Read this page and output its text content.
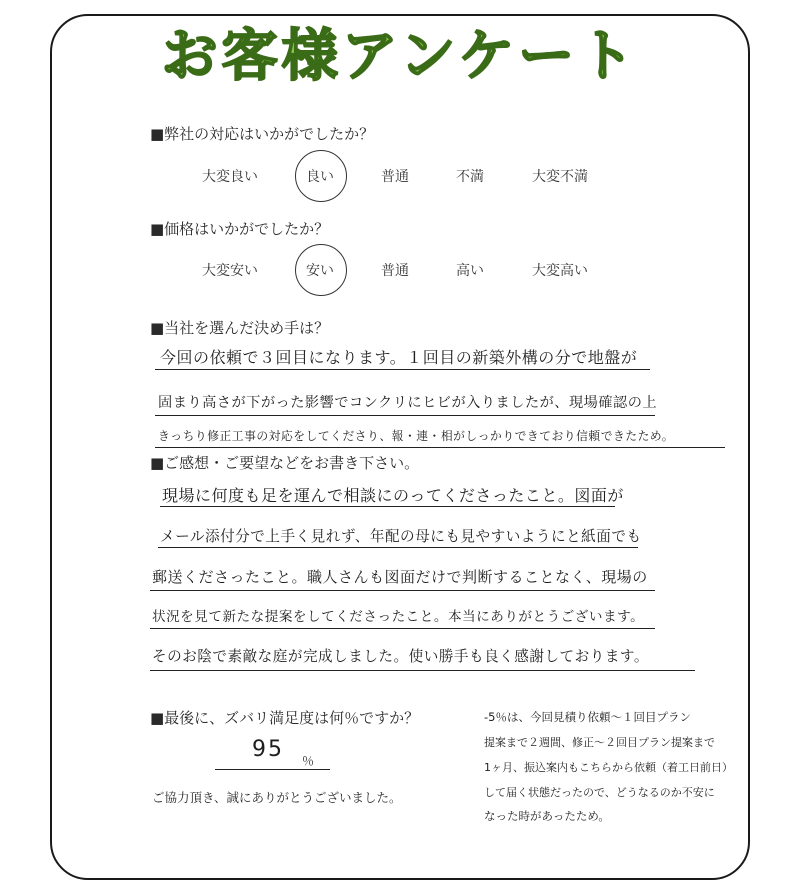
お客様アンケート
■弊社の対応はいかがでしたか？
大変良い	良い	普通	不満	大変不満
■価格はいかがでしたか？
大変安い	安い	普通	高い	大変高い
■当社を選んだ決め手は？
今回の依頼で３回目になります。１回目の新築外構の分で地盤が
固まり高さが下がった影響でコンクリにヒビが入りましたが、現場確認の上
きっちり修正工事の対応をしてくださり、報・連・相がしっかりできており信頼できたため。
■ご感想・ご要望などをお書き下さい。
現場に何度も足を運んで相談にのってくださったこと。図面が
メール添付分で上手く見れず、年配の母にも見やすいようにと紙面でも
郵送くださったこと。職人さんも図面だけで判断することなく、現場の
状況を見て新たな提案をしてくださったこと。本当にありがとうございます。
そのお陰で素敵な庭が完成しました。使い勝手も良く感謝しております。
■最後に、ズバリ満足度は何％ですか？
95 ％
-5％は、今回見積り依頼～１回目プラン
提案まで２週間、修正～２回目プラン提案まで
1ヶ月、振込案内もこちらから依頼（着工日前日）
して届く状態だったので、どうなるのか不安に
なった時があったため。
ご協力頂き、誠にありがとうございました。
